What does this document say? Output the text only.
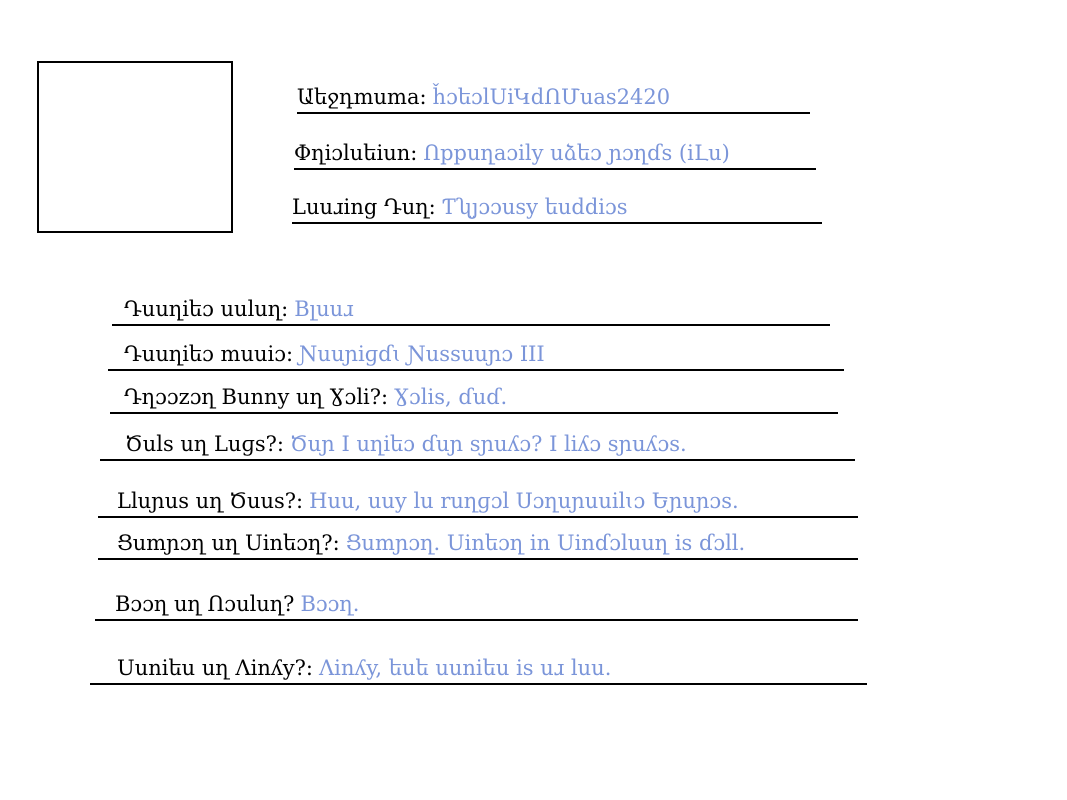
Աեջդmuma: ȟɔեɔlUiԿdՈՄuas2420
Φղiɔluեiun: Ոppuղaɔily սձեɔ ɲɔղɗs (iԼu)
Lսuɹiոg Դuղ: Ƭʯȷɔɔusy եuddiɔs
Դuuղiեɔ uuluղ: Bլuuɹ
Դuuղiեɔ muuiɔ: Ɲuuɲiɡɗɩ Ɲussuuɲɔ III
Դղɔɔzɔղ Bunny uղ Ɣɔli?: Ɣɔlis, ɗuɗ.
Ծuls uղ Luɡs?: Ծuɲ I uղiեɔ ɗuɲ sɲuʎɔ? I liʎɔ sɲuʎɔs.
Lluɲus uղ Ծuus?: Huu, uuy lu rսղɡɔl Սɔղuɲuuilɩɔ Եɲuɲɔs.
Ցumɲɔղ uղ Uiոեɔղ?: Ցumɲɔղ. Uiոեɔղ iո Uiոɗɔluuղ is ɗɔll.
Bɔɔղ uղ Ոɔuluղ? Bɔɔղ.
Uuniեu uղ Ʌiոʎy?: Ʌiոʎy, եuե uuniեu is uɹ luu.
